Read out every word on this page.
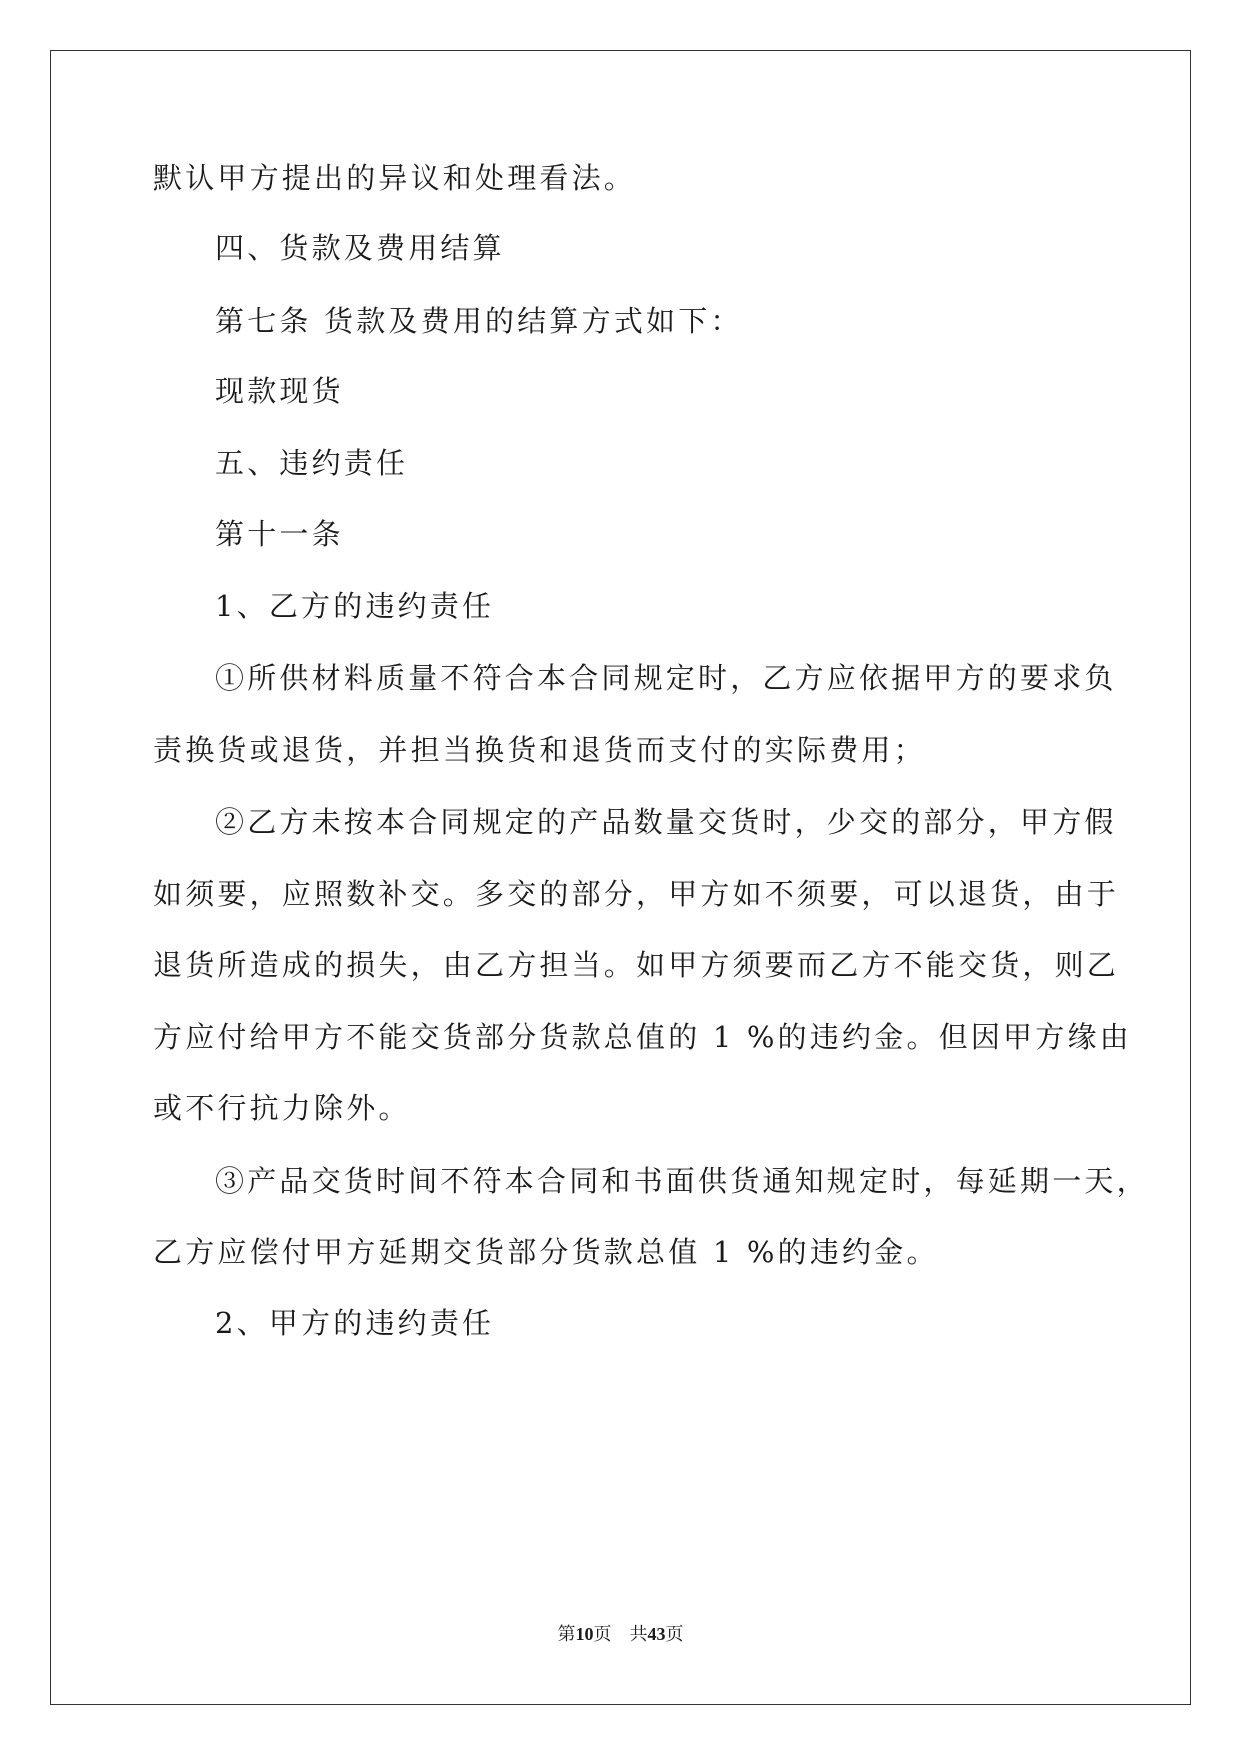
默认甲方提出的异议和处理看法。
四、货款及费用结算
第七条 货款及费用的结算方式如下：
现款现货
五、违约责任
第十一条
1、乙方的违约责任
①所供材料质量不符合本合同规定时，乙方应依据甲方的要求负
责换货或退货，并担当换货和退货而支付的实际费用；
②乙方未按本合同规定的产品数量交货时，少交的部分，甲方假
如须要，应照数补交。多交的部分，甲方如不须要，可以退货，由于
退货所造成的损失，由乙方担当。如甲方须要而乙方不能交货，则乙
方应付给甲方不能交货部分货款总值的 1 %的违约金。但因甲方缘由
或不行抗力除外。
③产品交货时间不符本合同和书面供货通知规定时，每延期一天，
乙方应偿付甲方延期交货部分货款总值 1 %的违约金。
2、甲方的违约责任
第10页　共43页
